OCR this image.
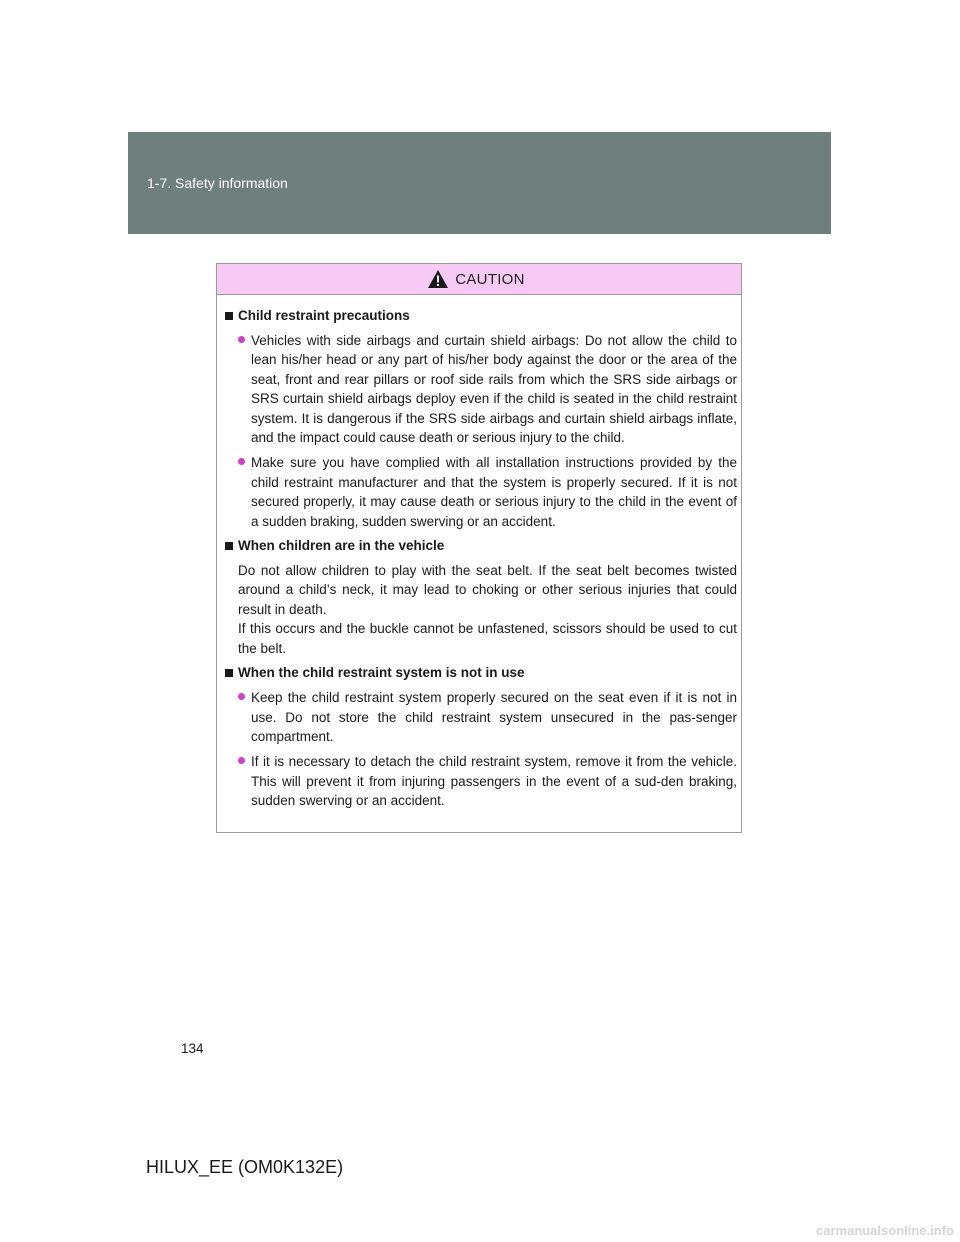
1-7. Safety information
CAUTION
Child restraint precautions
Vehicles with side airbags and curtain shield airbags: Do not allow the child to lean his/her head or any part of his/her body against the door or the area of the seat, front and rear pillars or roof side rails from which the SRS side airbags or SRS curtain shield airbags deploy even if the child is seated in the child restraint system. It is dangerous if the SRS side airbags and curtain shield airbags inflate, and the impact could cause death or serious injury to the child.
Make sure you have complied with all installation instructions provided by the child restraint manufacturer and that the system is properly secured. If it is not secured properly, it may cause death or serious injury to the child in the event of a sudden braking, sudden swerving or an accident.
When children are in the vehicle

Do not allow children to play with the seat belt. If the seat belt becomes twisted around a child’s neck, it may lead to choking or other serious injuries that could result in death.

If this occurs and the buckle cannot be unfastened, scissors should be used to cut the belt.

When the child restraint system is not in use
Keep the child restraint system properly secured on the seat even if it is not in use. Do not store the child restraint system unsecured in the pas-senger compartment.
If it is necessary to detach the child restraint system, remove it from the vehicle. This will prevent it from injuring passengers in the event of a sud-den braking, sudden swerving or an accident.
134
HILUX_EE (OM0K132E)
carmanualsonline.info
